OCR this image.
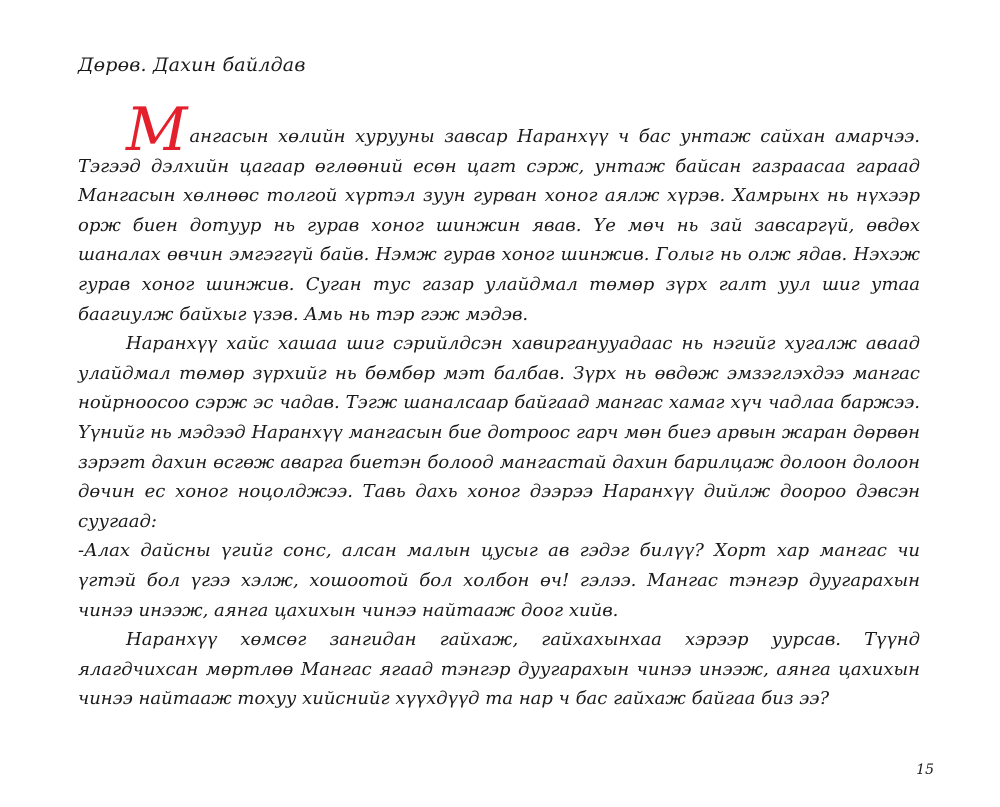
Дөрөв. Дахин байлдав

Мангасын хөлийн хурууны завсар Наранхүү ч бас унтаж сайхан амарчээ. Тэгээд дэлхийн цагаар өглөөний есөн цагт сэрж, унтаж байсан газраасаа гараад Мангасын хөлнөөс толгой хүртэл зуун гурван хоног аялж хүрэв. Хамрынх нь нүхээр орж биен дотуур нь гурав хоног шинжин явав. Үе мөч нь зай завсаргүй, өвдөх шаналах өвчин эмгэггүй байв. Нэмж гурав хоног шинжив. Голыг нь олж ядав. Нэхэж гурав хоног шинжив. Суган тус газар улайдмал төмөр зүрх галт уул шиг утаа баагиулж байхыг үзэв. Амь нь тэр гэж мэдэв.

Наранхүү хайс хашаа шиг сэрийлдсэн хавирганууадаас нь нэгийг хугалж аваад улайдмал төмөр зүрхийг нь бөмбөр мэт балбав. Зүрх нь өвдөж эмзэглэхдээ мангас нойрноосоо сэрж эс чадав. Тэгж шаналсаар байгаад мангас хамаг хүч чадлаа баржээ. Үүнийг нь мэдээд Наранхүү мангасын бие дотроос гарч мөн биеэ арвын жаран дөрвөн зэрэгт дахин өсгөж аварга биетэн болоод мангастай дахин барилцаж долоон долоон дөчин ес хоног ноцолджээ. Тавь дахь хоног дээрээ Наранхүү дийлж доороо дэвсэн суугаад:

-Алах дайсны үгийг сонс, алсан малын цусыг ав гэдэг билүү? Хорт хар мангас чи үгтэй бол үгээ хэлж, хошоотой бол холбон өч! гэлээ. Мангас тэнгэр дуугарахын чинээ инээж, аянга цахихын чинээ найтааж доог хийв.

Наранхүү хөмсөг зангидан гайхаж, гайхахынхаа хэрээр уурсав. Түүнд ялагдчихсан мөртлөө Мангас ягаад тэнгэр дуугарахын чинээ инээж, аянга цахихын чинээ найтааж тохуу хийснийг хүүхдүүд та нар ч бас гайхаж байгаа биз ээ?

15
